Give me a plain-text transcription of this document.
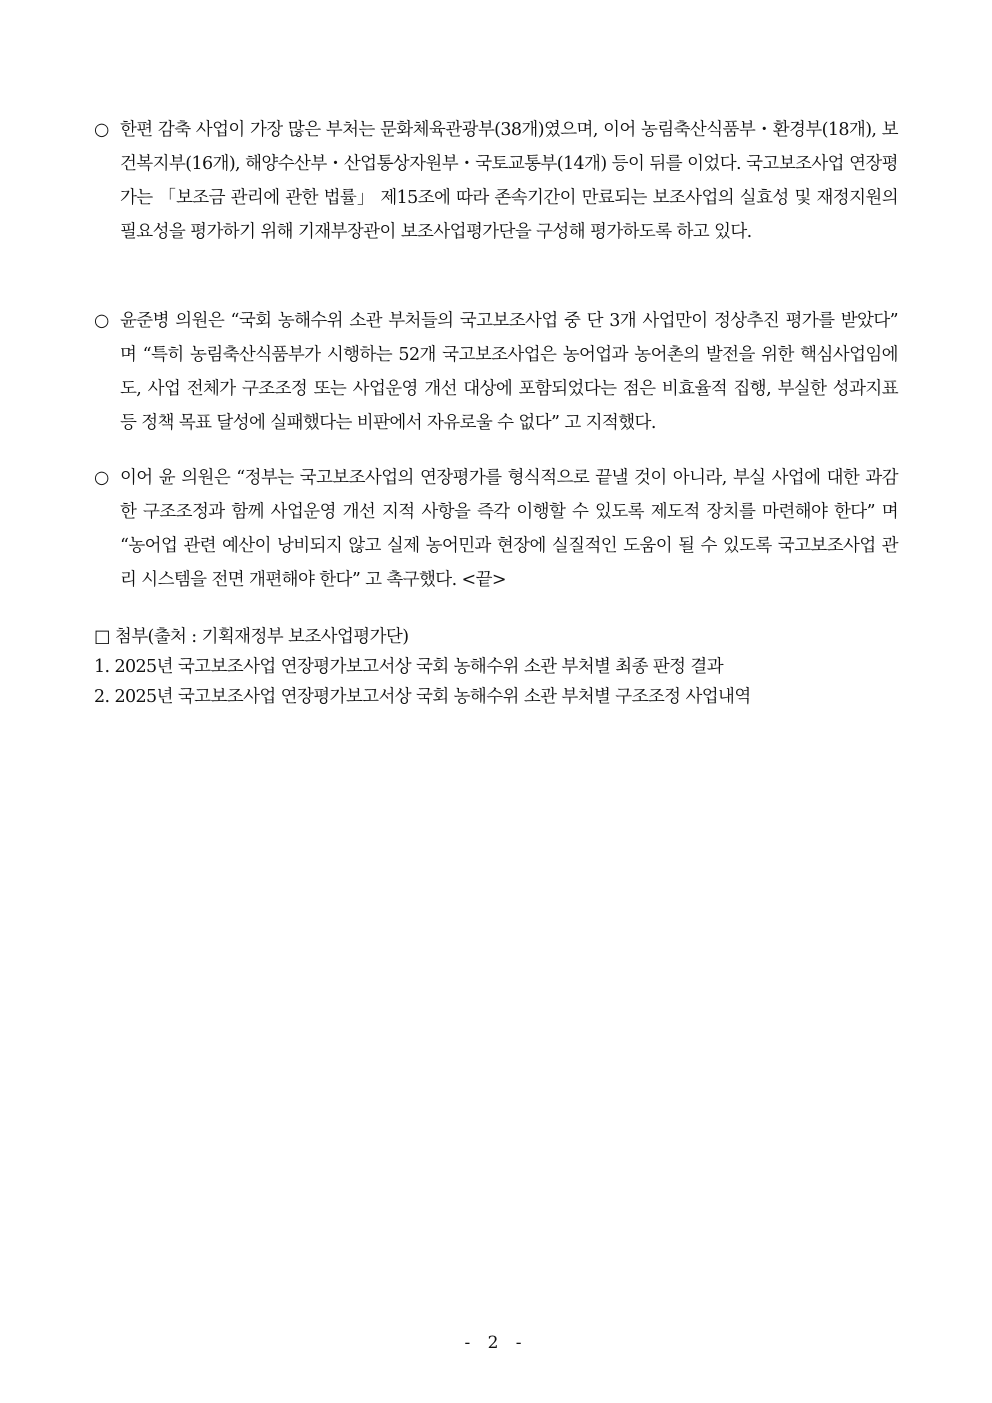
○ 한편 감축 사업이 가장 많은 부처는 문화체육관광부(38개)였으며, 이어 농림축산식품부・환경부(18개), 보건복지부(16개), 해양수산부・산업통상자원부・국토교통부(14개) 등이 뒤를 이었다. 국고보조사업 연장평가는 「보조금 관리에 관한 법률」 제15조에 따라 존속기간이 만료되는 보조사업의 실효성 및 재정지원의 필요성을 평가하기 위해 기재부장관이 보조사업평가단을 구성해 평가하도록 하고 있다.
○ 윤준병 의원은 “국회 농해수위 소관 부처들의 국고보조사업 중 단 3개 사업만이 정상추진 평가를 받았다” 며 “특히 농림축산식품부가 시행하는 52개 국고보조사업은 농어업과 농어촌의 발전을 위한 핵심사업임에도, 사업 전체가 구조조정 또는 사업운영 개선 대상에 포함되었다는 점은 비효율적 집행, 부실한 성과지표 등 정책 목표 달성에 실패했다는 비판에서 자유로울 수 없다” 고 지적했다.
○ 이어 윤 의원은 “정부는 국고보조사업의 연장평가를 형식적으로 끝낼 것이 아니라, 부실 사업에 대한 과감한 구조조정과 함께 사업운영 개선 지적 사항을 즉각 이행할 수 있도록 제도적 장치를 마련해야 한다” 며 “농어업 관련 예산이 낭비되지 않고 실제 농어민과 현장에 실질적인 도움이 될 수 있도록 국고보조사업 관리 시스템을 전면 개편해야 한다” 고 촉구했다. <끝>
□ 첨부(출처 : 기획재정부 보조사업평가단)
1. 2025년 국고보조사업 연장평가보고서상 국회 농해수위 소관 부처별 최종 판정 결과
2. 2025년 국고보조사업 연장평가보고서상 국회 농해수위 소관 부처별 구조조정 사업내역
- 2 -
